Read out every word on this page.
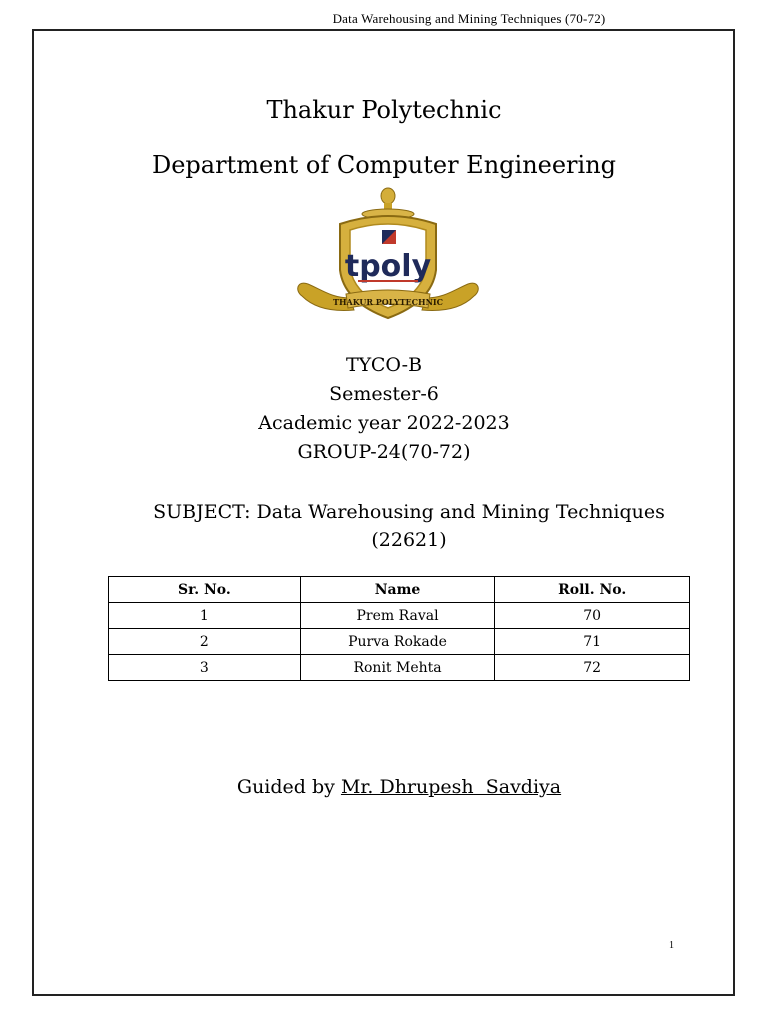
Data Warehousing and Mining Techniques (70-72)
Thakur Polytechnic
Department of Computer Engineering
tpoly
THAKUR POLYTECHNIC
TYCO-B
Semester-6
Academic year 2022-2023
GROUP-24(70-72)
SUBJECT: Data Warehousing and Mining Techniques
(22621)
Sr. No.	Name	Roll. No.
1	Prem Raval	70
2	Purva Rokade	71
3	Ronit Mehta	72
Guided by Mr. Dhrupesh  Savdiya
1
